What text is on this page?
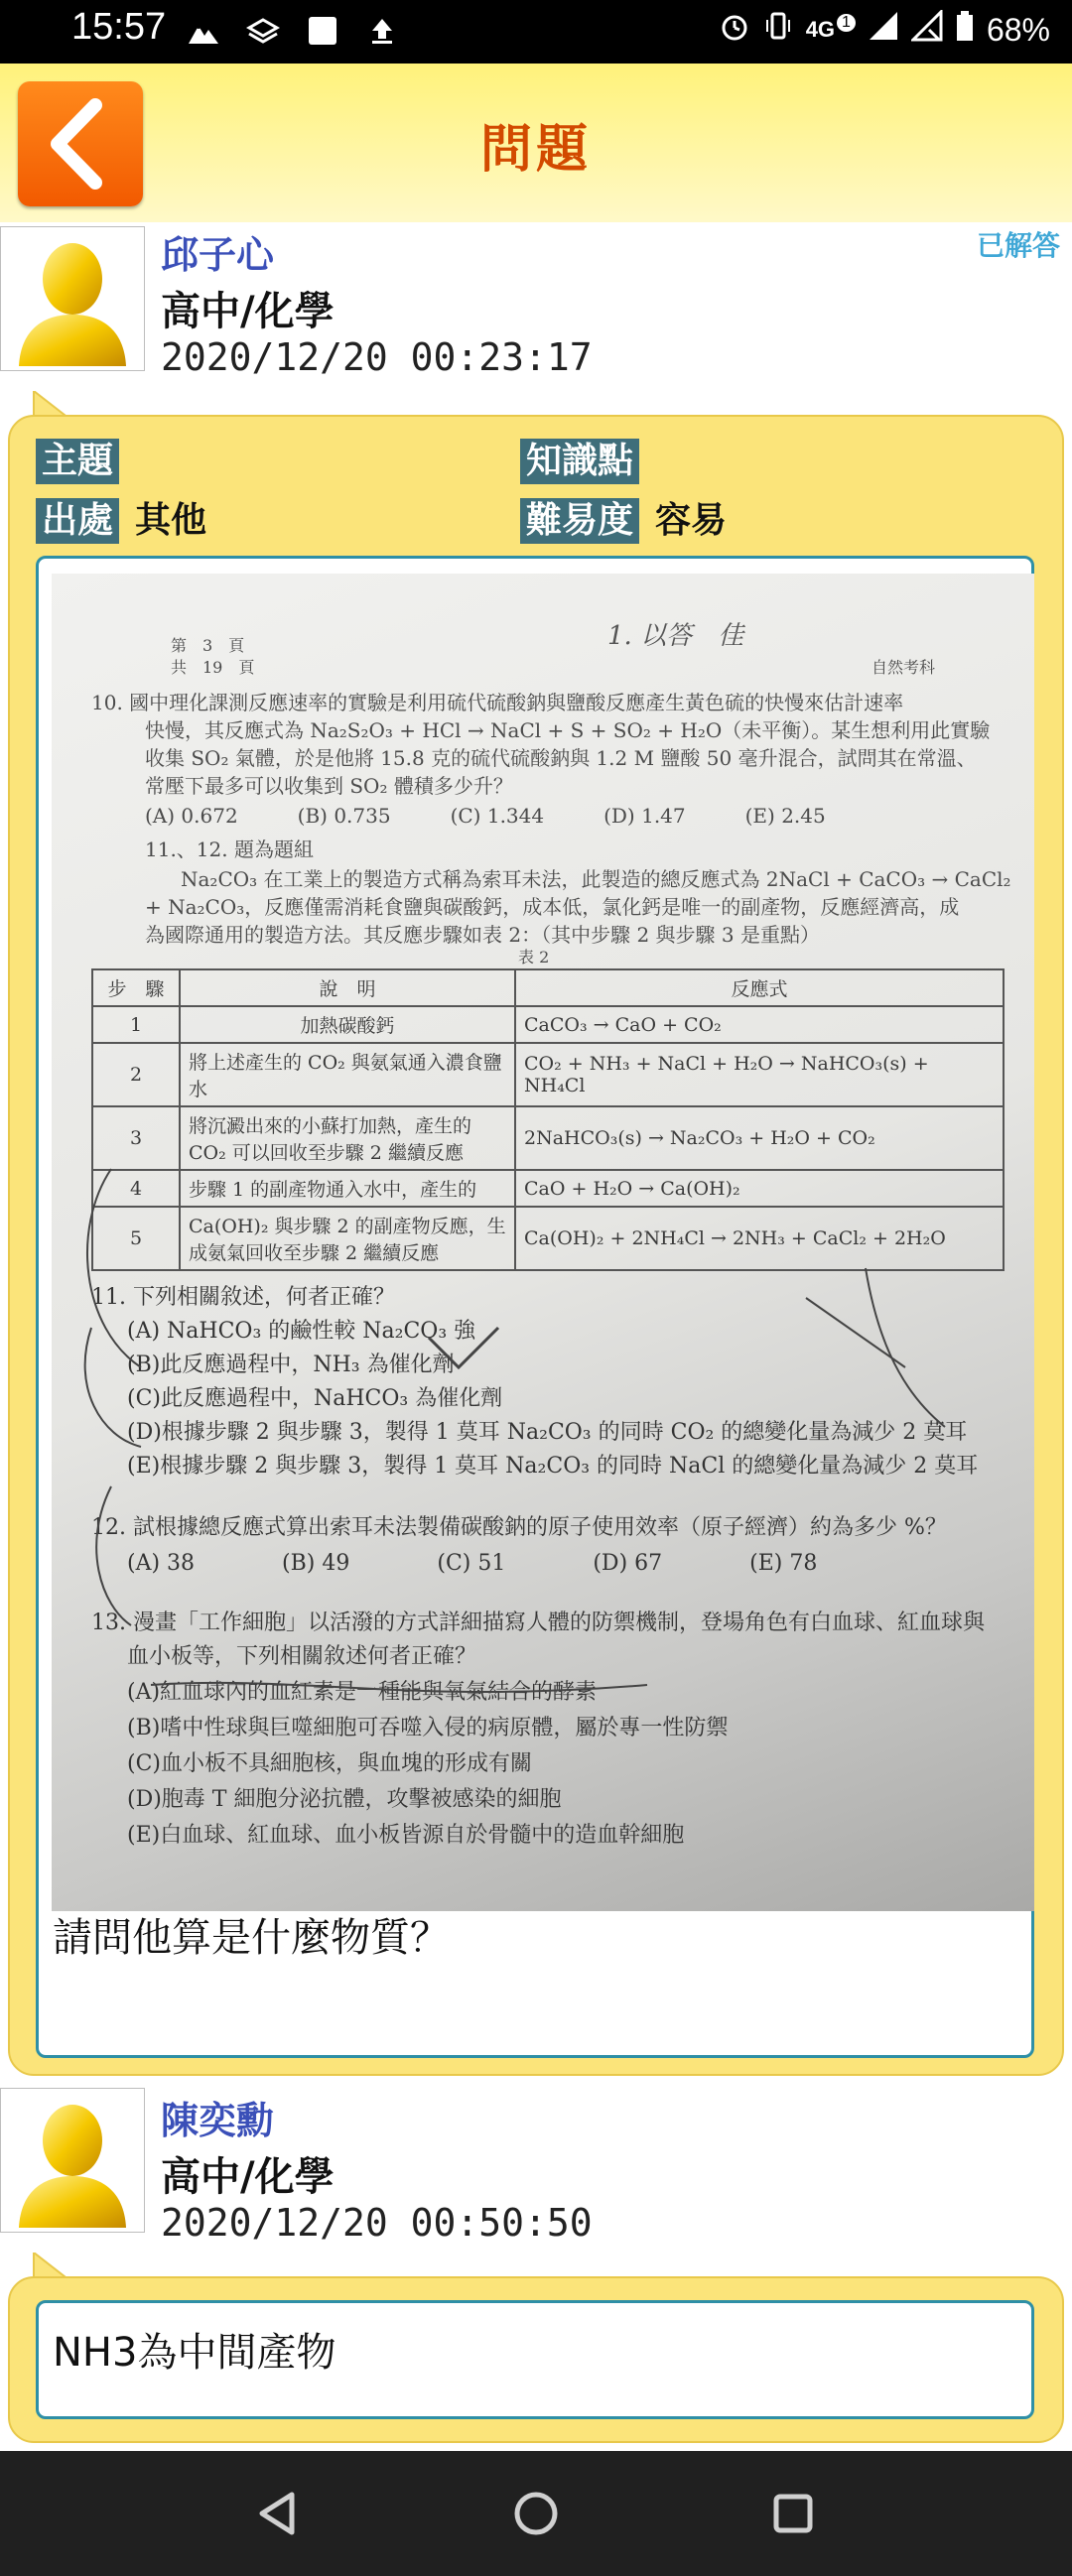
15:57	4G 1	68%
問題
邱子心
高中/化學
2020/12/20 00:23:17
已解答
主題	知識點
出處 其他	難易度 容易
請問他算是什麼物質？
第　3　頁
共　19　頁
1. 以答　佳
自然考科
10. 國中理化課測反應速率的實驗是利用硫代硫酸鈉與鹽酸反應產生黃色硫的快慢來估計速率
快慢，其反應式為 Na₂S₂O₃ + HCl → NaCl + S + SO₂ + H₂O（未平衡）。某生想利用此實驗
收集 SO₂ 氣體，於是他將 15.8 克的硫代硫酸鈉與 1.2 M 鹽酸 50 毫升混合，試問其在常溫、
常壓下最多可以收集到 SO₂ 體積多少升？
(A) 0.672　　　(B) 0.735　　　(C) 1.344　　　(D) 1.47　　　(E) 2.45
11.、12. 題為題組
Na₂CO₃ 在工業上的製造方式稱為索耳未法，此製造的總反應式為 2NaCl + CaCO₃ → CaCl₂
+ Na₂CO₃，反應僅需消耗食鹽與碳酸鈣，成本低，氯化鈣是唯一的副產物，反應經濟高，成
為國際通用的製造方法。其反應步驟如表 2：（其中步驟 2 與步驟 3 是重點）
表 2
步　驟	說　明	反應式
1	加熱碳酸鈣	CaCO₃ → CaO + CO₂
2	將上述產生的 CO₂ 與氨氣通入濃食鹽水	CO₂ + NH₃ + NaCl + H₂O → NaHCO₃(s) + NH₄Cl
3	將沉澱出來的小蘇打加熱，產生的 CO₂ 可以回收至步驟 2 繼續反應	2NaHCO₃(s) → Na₂CO₃ + H₂O + CO₂
4	步驟 1 的副產物通入水中，產生的	CaO + H₂O → Ca(OH)₂
5	Ca(OH)₂ 與步驟 2 的副產物反應，生成氨氣回收至步驟 2 繼續反應	Ca(OH)₂ + 2NH₄Cl → 2NH₃ + CaCl₂ + 2H₂O
11. 下列相關敘述，何者正確？
(A) NaHCO₃ 的鹼性較 Na₂CO₃ 強
(B)此反應過程中，NH₃ 為催化劑
(C)此反應過程中，NaHCO₃ 為催化劑
(D)根據步驟 2 與步驟 3，製得 1 莫耳 Na₂CO₃ 的同時 CO₂ 的總變化量為減少 2 莫耳
(E)根據步驟 2 與步驟 3，製得 1 莫耳 Na₂CO₃ 的同時 NaCl 的總變化量為減少 2 莫耳
12. 試根據總反應式算出索耳未法製備碳酸鈉的原子使用效率（原子經濟）約為多少 %？
(A) 38　　　　(B) 49　　　　(C) 51　　　　(D) 67　　　　(E) 78
13. 漫畫「工作細胞」以活潑的方式詳細描寫人體的防禦機制，登場角色有白血球、紅血球與
血小板等，下列相關敘述何者正確？
(A)紅血球內的血紅素是一種能與氧氣結合的酵素
(B)嗜中性球與巨噬細胞可吞噬入侵的病原體，屬於專一性防禦
(C)血小板不具細胞核，與血塊的形成有關
(D)胞毒 T 細胞分泌抗體，攻擊被感染的細胞
(E)白血球、紅血球、血小板皆源自於骨髓中的造血幹細胞
陳奕勳
高中/化學
2020/12/20 00:50:50
NH3為中間產物
